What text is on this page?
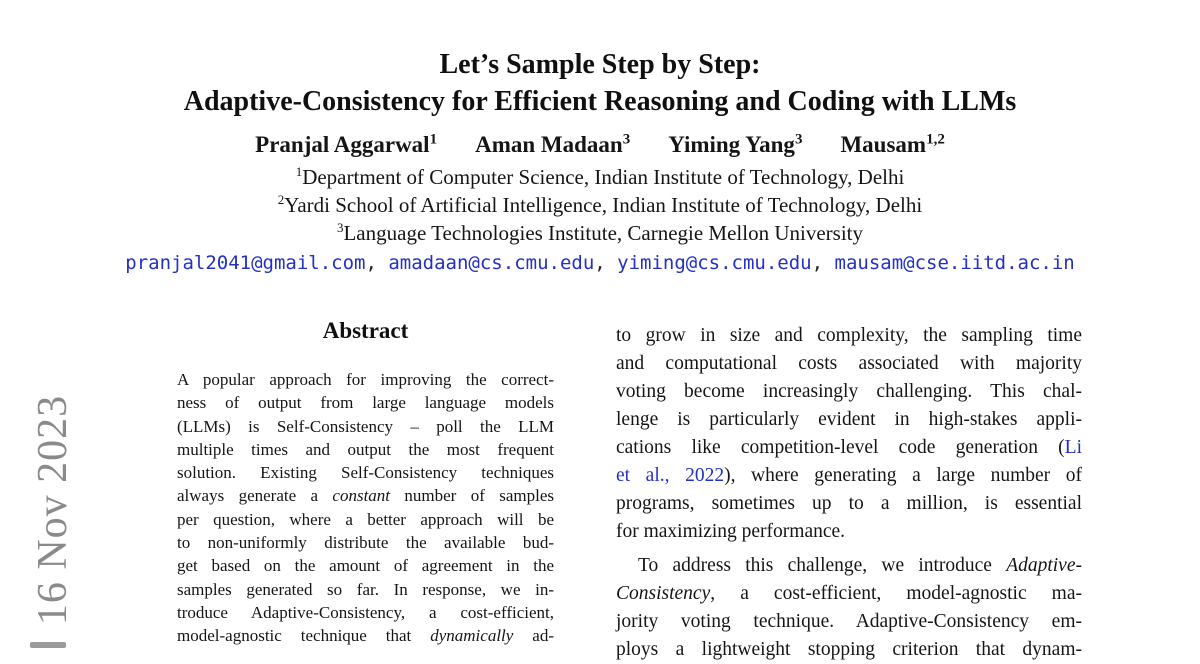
16 Nov 2023
Let’s Sample Step by Step:
Adaptive-Consistency for Efficient Reasoning and Coding with LLMs
Pranjal Aggarwal$^1$ Aman Madaan$^3$ Yiming Yang$^3$ Mausam$^{1,2}$
$^1$Department of Computer Science, Indian Institute of Technology, Delhi
$^2$Yardi School of Artificial Intelligence, Indian Institute of Technology, Delhi
$^3$Language Technologies Institute, Carnegie Mellon University
pranjal2041@gmail.com, amadaan@cs.cmu.edu, yiming@cs.cmu.edu, mausam@cse.iitd.ac.in
Abstract
A popular approach for improving the correct-
ness of output from large language models
(LLMs) is Self-Consistency – poll the LLM
multiple times and output the most frequent
solution. Existing Self-Consistency techniques
always generate a constant number of samples
per question, where a better approach will be
to non-uniformly distribute the available bud-
get based on the amount of agreement in the
samples generated so far. In response, we in-
troduce Adaptive-Consistency, a cost-efficient,
model-agnostic technique that dynamically ad-
to grow in size and complexity, the sampling time
and computational costs associated with majority
voting become increasingly challenging. This chal-
lenge is particularly evident in high-stakes appli-
cations like competition-level code generation (Li
et al., 2022), where generating a large number of
programs, sometimes up to a million, is essential
for maximizing performance.
To address this challenge, we introduce Adaptive-
Consistency, a cost-efficient, model-agnostic ma-
jority voting technique. Adaptive-Consistency em-
ploys a lightweight stopping criterion that dynam-
